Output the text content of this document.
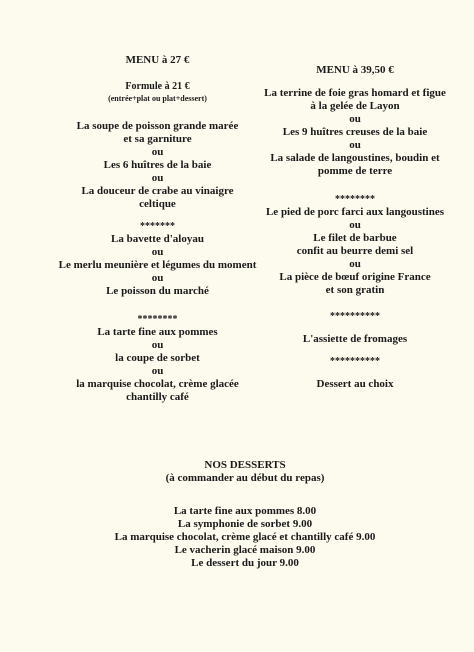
MENU à 27 €
Formule à 21 €
(entrée+plat ou plat+dessert)
La soupe de poisson grande marée
et sa garniture
ou
Les 6 huîtres de la baie
ou
La douceur de crabe au vinaigre
celtique
*******
La bavette d'aloyau
ou
Le merlu meunière et légumes du moment
ou
Le poisson du marché
********
La tarte fine aux pommes
ou
la coupe de sorbet
ou
la marquise chocolat, crème glacée
chantilly café
MENU à 39,50 €
La terrine de foie gras homard et figue
à la gelée de Layon
ou
Les 9 huîtres creuses de la baie
ou
La salade de langoustines, boudin et
pomme de terre
********
Le pied de porc farci aux langoustines
ou
Le filet de barbue
confit au beurre demi sel
ou
La pièce de bœuf origine France
et son gratin
**********
L'assiette de fromages
**********
Dessert au choix
NOS DESSERTS
(à commander au début du repas)
La tarte fine aux pommes 8.00
La symphonie de sorbet 9.00
La marquise chocolat, crème glacé et chantilly café 9.00
Le vacherin glacé maison 9.00
Le dessert du jour 9.00
